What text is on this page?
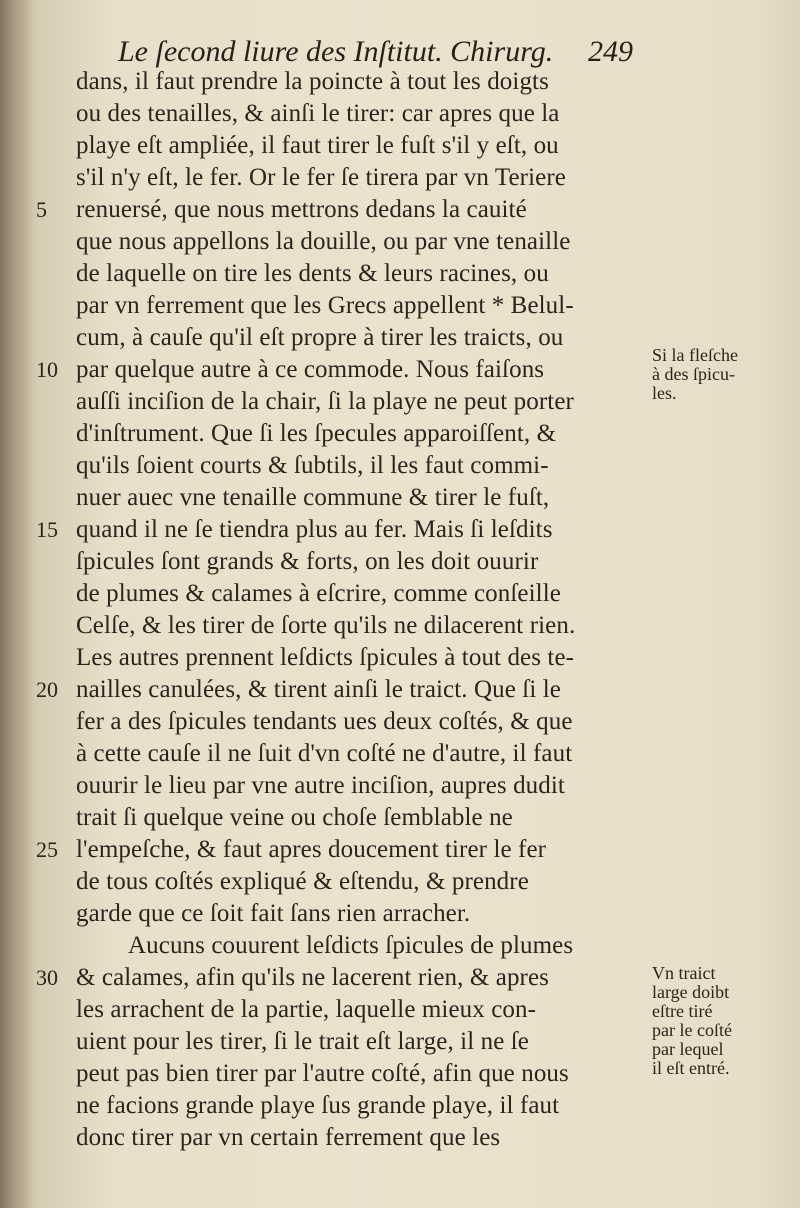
Le ſecond liure des Inſtitut. Chirurg.	249
dans, il faut prendre la poincte à tout les doigts
ou des tenailles, & ainſi le tirer: car apres que la
playe eſt ampliée, il faut tirer le fuſt s'il y eſt, ou
s'il n'y eſt, le fer. Or le fer ſe tirera par vn Teriere
renuersé, que nous mettrons dedans la cauité
que nous appellons la douille, ou par vne tenaille
de laquelle on tire les dents & leurs racines, ou
par vn ferrement que les Grecs appellent * Belul-
cum, à cauſe qu'il eſt propre à tirer les traicts, ou
par quelque autre à ce commode. Nous faiſons
auſſi inciſion de la chair, ſi la playe ne peut porter
d'inſtrument. Que ſi les ſpecules apparoiſſent, &
qu'ils ſoient courts & ſubtils, il les faut commi-
nuer auec vne tenaille commune & tirer le fuſt,
quand il ne ſe tiendra plus au fer. Mais ſi leſdits
ſpicules ſont grands & forts, on les doit ouurir
de plumes & calames à eſcrire, comme conſeille
Celſe, & les tirer de ſorte qu'ils ne dilacerent rien.
Les autres prennent leſdicts ſpicules à tout des te-
nailles canulées, & tirent ainſi le traict. Que ſi le
fer a des ſpicules tendants ues deux coſtés, & que
à cette cauſe il ne ſuit d'vn coſté ne d'autre, il faut
ouurir le lieu par vne autre inciſion, aupres dudit
trait ſi quelque veine ou choſe ſemblable ne
l'empeſche, & faut apres doucement tirer le fer
de tous coſtés expliqué & eſtendu, & prendre
garde que ce ſoit fait ſans rien arracher.
Aucuns couurent leſdicts ſpicules de plumes
& calames, afin qu'ils ne lacerent rien, & apres
les arrachent de la partie, laquelle mieux con-
uient pour les tirer, ſi le trait eſt large, il ne ſe
peut pas bien tirer par l'autre coſté, afin que nous
ne facions grande playe ſus grande playe, il faut
donc tirer par vn certain ferrement que les
5
10
15
20
25
30
Si la fleſche
à des ſpicu-
les.
Vn traict
large doibt
eſtre tiré
par le coſté
par lequel
il eſt entré.
